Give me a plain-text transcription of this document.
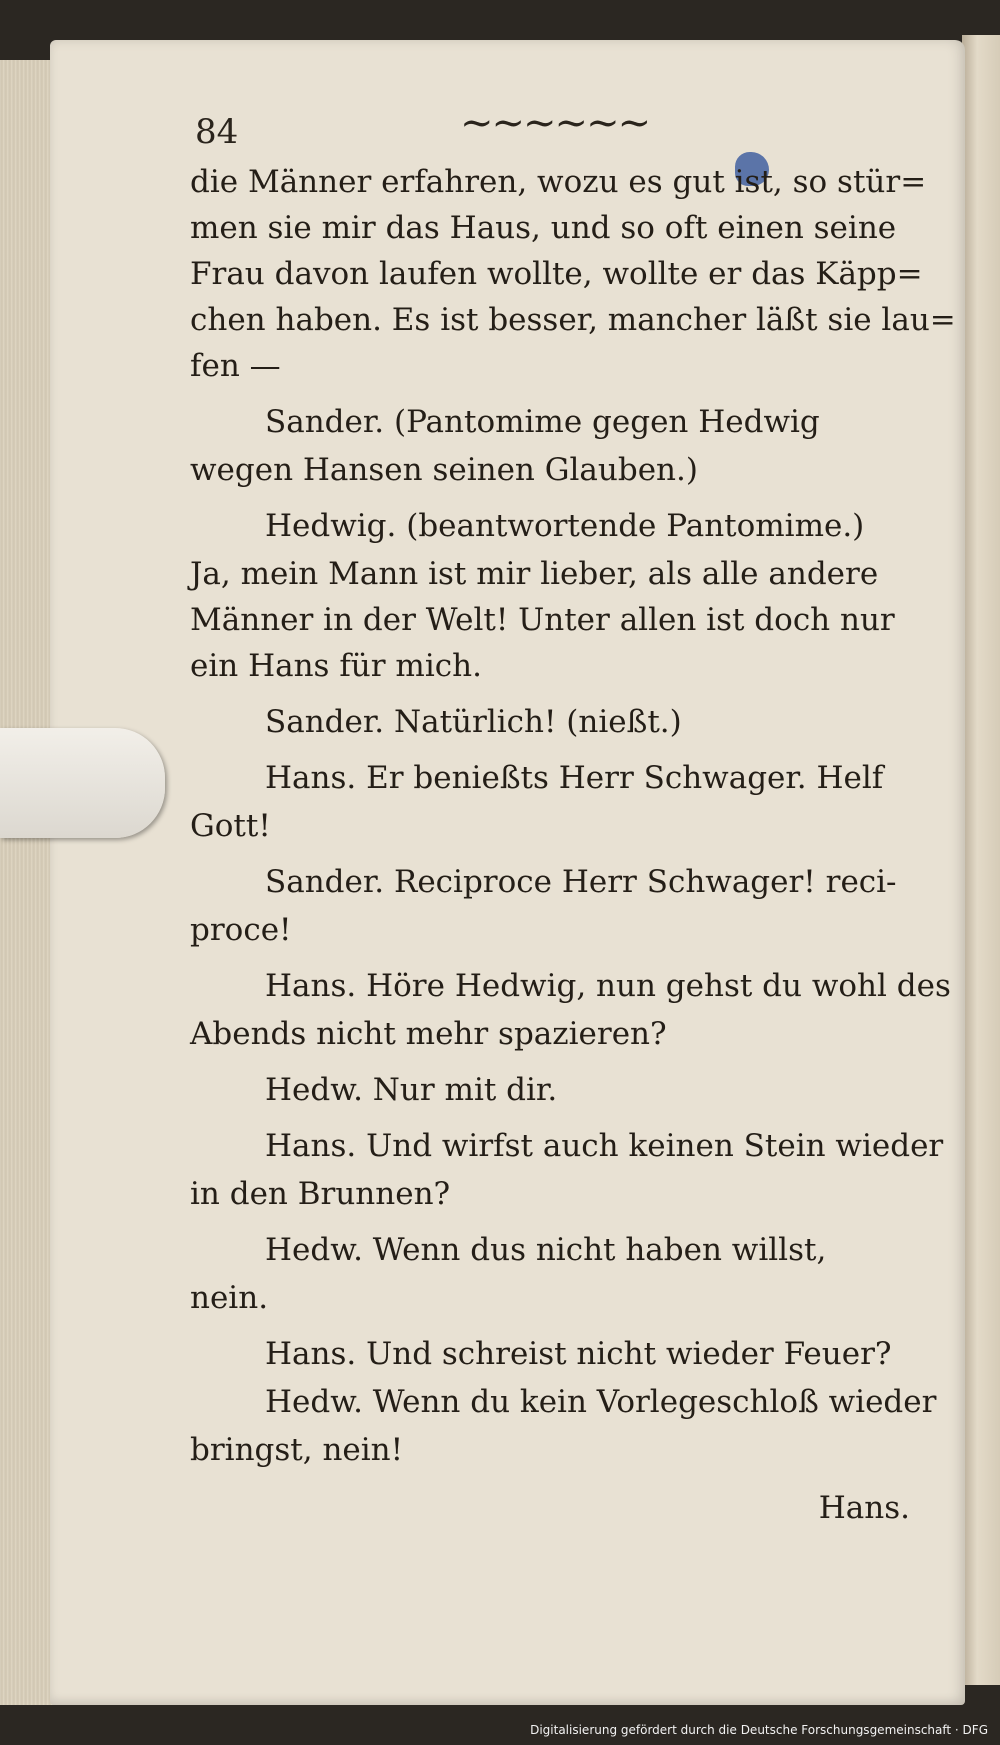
84	~~~~~~
die Männer erfahren, wozu es gut ist, so stür=
men sie mir das Haus, und so oft einen seine
Frau davon laufen wollte, wollte er das Käpp=
chen haben. Es ist besser, mancher läßt sie lau=
fen —
Sander. (Pantomime gegen Hedwig
wegen Hansen seinen Glauben.)
Hedwig. (beantwortende Pantomime.)
Ja, mein Mann ist mir lieber, als alle andere
Männer in der Welt! Unter allen ist doch nur
ein Hans für mich.
Sander. Natürlich! (nießt.)
Hans. Er benießts Herr Schwager. Helf
Gott!
Sander. Reciproce Herr Schwager! reci-
proce!
Hans. Höre Hedwig, nun gehst du wohl des
Abends nicht mehr spazieren?
Hedw. Nur mit dir.
Hans. Und wirfst auch keinen Stein wieder
in den Brunnen?
Hedw. Wenn dus nicht haben willst,
nein.
Hans. Und schreist nicht wieder Feuer?
Hedw. Wenn du kein Vorlegeschloß wieder
bringst, nein!
Hans.
Digitalisierung gefördert durch die Deutsche Forschungsgemeinschaft · DFG
